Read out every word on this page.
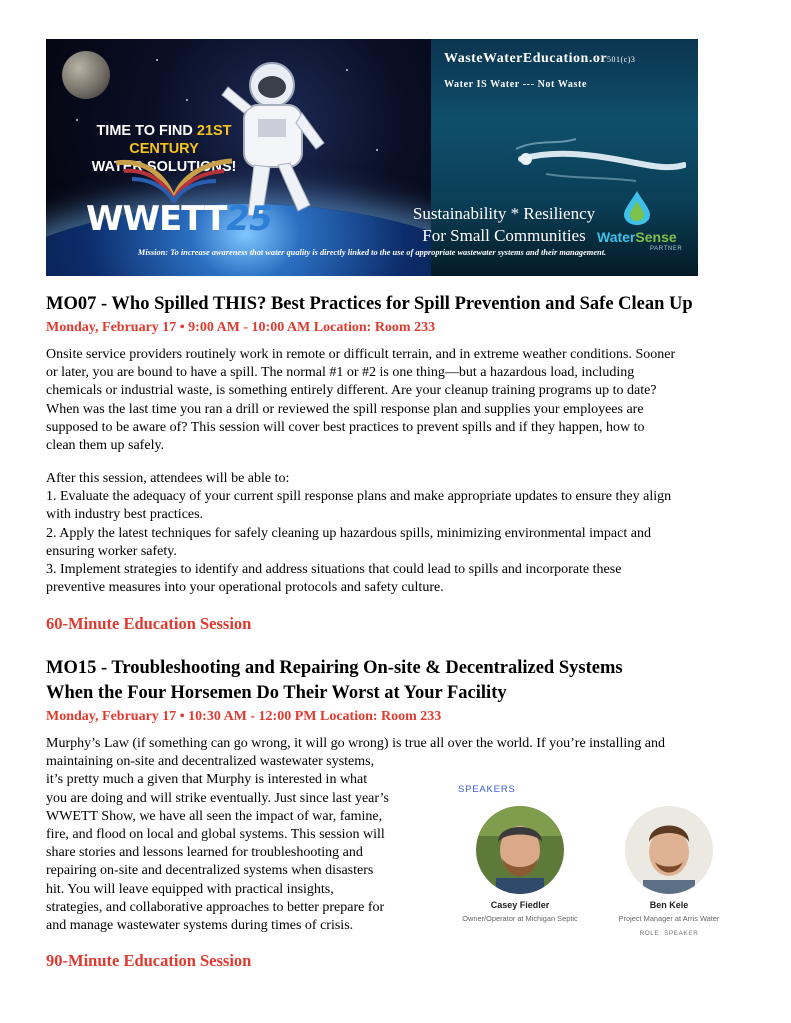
TIME TO FIND 21ST CENTURY
WATER SOLUTIONS!
WWETT25
WasteWaterEducation.or501(c)3
Water IS Water --- Not Waste
Sustainability * Resiliency
For Small Communities WaterSense
PARTNER
Mission: To increase awareness that water quality is directly linked to the use of appropriate wastewater systems and their management.
MO07 - Who Spilled THIS? Best Practices for Spill Prevention and Safe Clean Up

Monday, February 17 • 9:00 AM - 10:00 AM Location: Room 233

Onsite service providers routinely work in remote or difficult terrain, and in extreme weather conditions. Sooner
or later, you are bound to have a spill. The normal #1 or #2 is one thing—but a hazardous load, including
chemicals or industrial waste, is something entirely different. Are your cleanup training programs up to date?
When was the last time you ran a drill or reviewed the spill response plan and supplies your employees are
supposed to be aware of? This session will cover best practices to prevent spills and if they happen, how to
clean them up safely.

After this session, attendees will be able to:
1. Evaluate the adequacy of your current spill response plans and make appropriate updates to ensure they align
with industry best practices.
2. Apply the latest techniques for safely cleaning up hazardous spills, minimizing environmental impact and
ensuring worker safety.
3. Implement strategies to identify and address situations that could lead to spills and incorporate these
preventive measures into your operational protocols and safety culture.

60-Minute Education Session

MO15 - Troubleshooting and Repairing On-site & Decentralized Systems
When the Four Horsemen Do Their Worst at Your Facility

Monday, February 17 • 10:30 AM - 12:00 PM Location: Room 233

Murphy’s Law (if something can go wrong, it will go wrong) is true all over the world. If you’re installing and
maintaining on-site and decentralized wastewater systems,
it’s pretty much a given that Murphy is interested in what
you are doing and will strike eventually. Just since last year’s
WWETT Show, we have all seen the impact of war, famine,
fire, and flood on local and global systems. This session will
share stories and lessons learned for troubleshooting and
repairing on-site and decentralized systems when disasters
hit. You will leave equipped with practical insights,
strategies, and collaborative approaches to better prepare for
and manage wastewater systems during times of crisis.

SPEAKERS
Casey Fiedler
Owner/Operator at Michigan Septic
Ben Kele
Project Manager at Arris Water
ROLE: SPEAKER

90-Minute Education Session
